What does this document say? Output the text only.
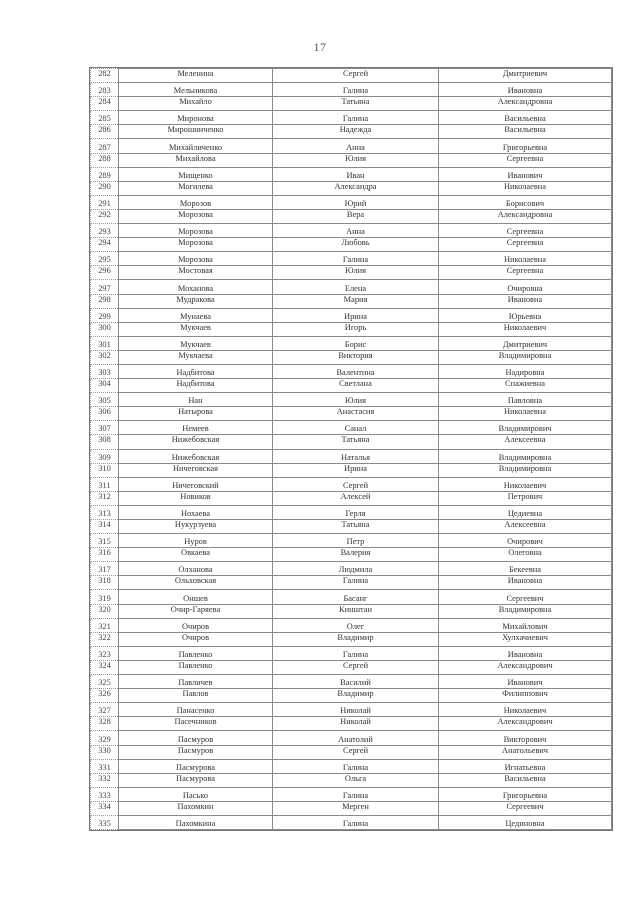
17
282	Меленина	Сергей	Дмитриевич
283	Мельникова	Галина	Ивановна
284	Михайло	Татьяна	Александровна
285	Миронова	Галина	Васильевна
286	Мирошниченко	Надежда	Васильевна
287	Михайличенко	Анна	Григорьевна
288	Михайлова	Юлия	Сергеевна
289	Мищенко	Иван	Иванович
290	Могилева	Александра	Николаевна
291	Морозов	Юрий	Борисович
292	Морозова	Вера	Александровна
293	Морозова	Анна	Сергеевна
294	Морозова	Любовь	Сергеевна
295	Морозова	Галина	Николаевна
296	Мостовая	Юлия	Сергеевна
297	Моханова	Елена	Очировна
298	Мудракова	Мария	Ивановна
299	Мунаева	Ирина	Юрьевна
300	Мукчаев	Игорь	Николаевич
301	Мукчаев	Борис	Дмитриевич
302	Мукчаева	Виктория	Владимировна
303	Надбитова	Валентина	Надировна
304	Надбитова	Светлана	Спажиевна
305	Нан	Юлия	Павловна
306	Натырова	Анастасия	Николаевна
307	Немеев	Санал	Владимирович
308	Нижебовская	Татьяна	Алексеевна
309	Нижебовская	Наталья	Владимировна
310	Ничеговская	Ирина	Владимировна
311	Ничеговский	Сергей	Николаевич
312	Новиков	Алексей	Петрович
313	Нохаева	Герля	Цедиевна
314	Нукурзуева	Татьяна	Алексеевна
315	Нуров	Петр	Очирович
316	Овкаева	Валерия	Олеговна
317	Олханова	Людмила	Бекеевна
318	Ольховская	Галина	Ивановна
319	Оншев	Басанг	Сергеевич
320	Очир-Гаряева	Кинштан	Владимировна
321	Очиров	Олег	Михайлович
322	Очиров	Владимир	Хулхачиевич
323	Павленко	Галина	Ивановна
324	Павленко	Сергей	Александрович
325	Павличев	Василий	Иванович
326	Павлов	Владимир	Филиппович
327	Панасенко	Николай	Николаевич
328	Пасечников	Николай	Александрович
329	Пасмуров	Анатолий	Викторович
330	Пасмуров	Сергей	Анатольевич
331	Пасмурова	Галина	Игнатьевна
332	Пасмурова	Ольга	Васильевна
333	Пасько	Галина	Григорьевна
334	Пахомкин	Мерген	Сергеевич
335	Пахомкина	Галина	Цединовна
